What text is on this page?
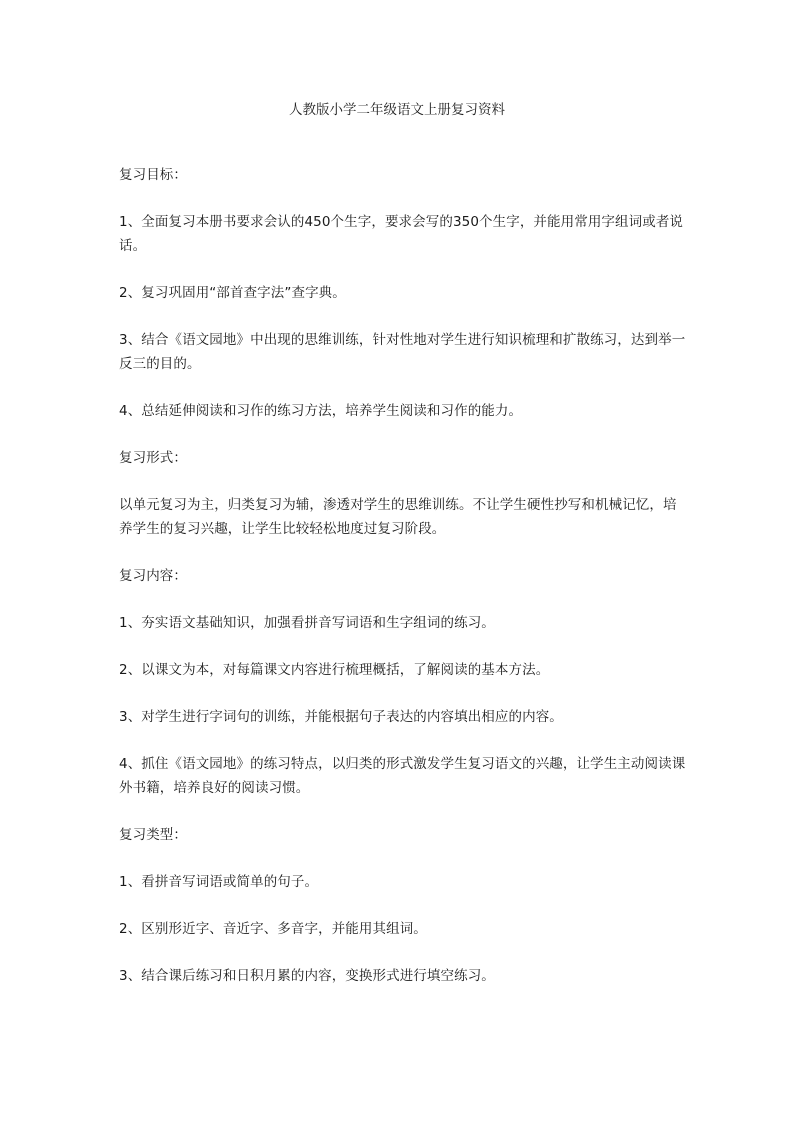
人教版小学二年级语文上册复习资料

复习目标：

1、全面复习本册书要求会认的450个生字，要求会写的350个生字，并能用常用字组词或者说话。

2、复习巩固用“部首查字法”查字典。

3、结合《语文园地》中出现的思维训练，针对性地对学生进行知识梳理和扩散练习，达到举一反三的目的。

4、总结延伸阅读和习作的练习方法，培养学生阅读和习作的能力。

复习形式：

以单元复习为主，归类复习为辅，渗透对学生的思维训练。不让学生硬性抄写和机械记忆，培养学生的复习兴趣，让学生比较轻松地度过复习阶段。

复习内容：

1、夯实语文基础知识，加强看拼音写词语和生字组词的练习。

2、以课文为本，对每篇课文内容进行梳理概括，了解阅读的基本方法。

3、对学生进行字词句的训练，并能根据句子表达的内容填出相应的内容。

4、抓住《语文园地》的练习特点，以归类的形式激发学生复习语文的兴趣，让学生主动阅读课外书籍，培养良好的阅读习惯。

复习类型：

1、看拼音写词语或简单的句子。

2、区别形近字、音近字、多音字，并能用其组词。

3、结合课后练习和日积月累的内容，变换形式进行填空练习。
